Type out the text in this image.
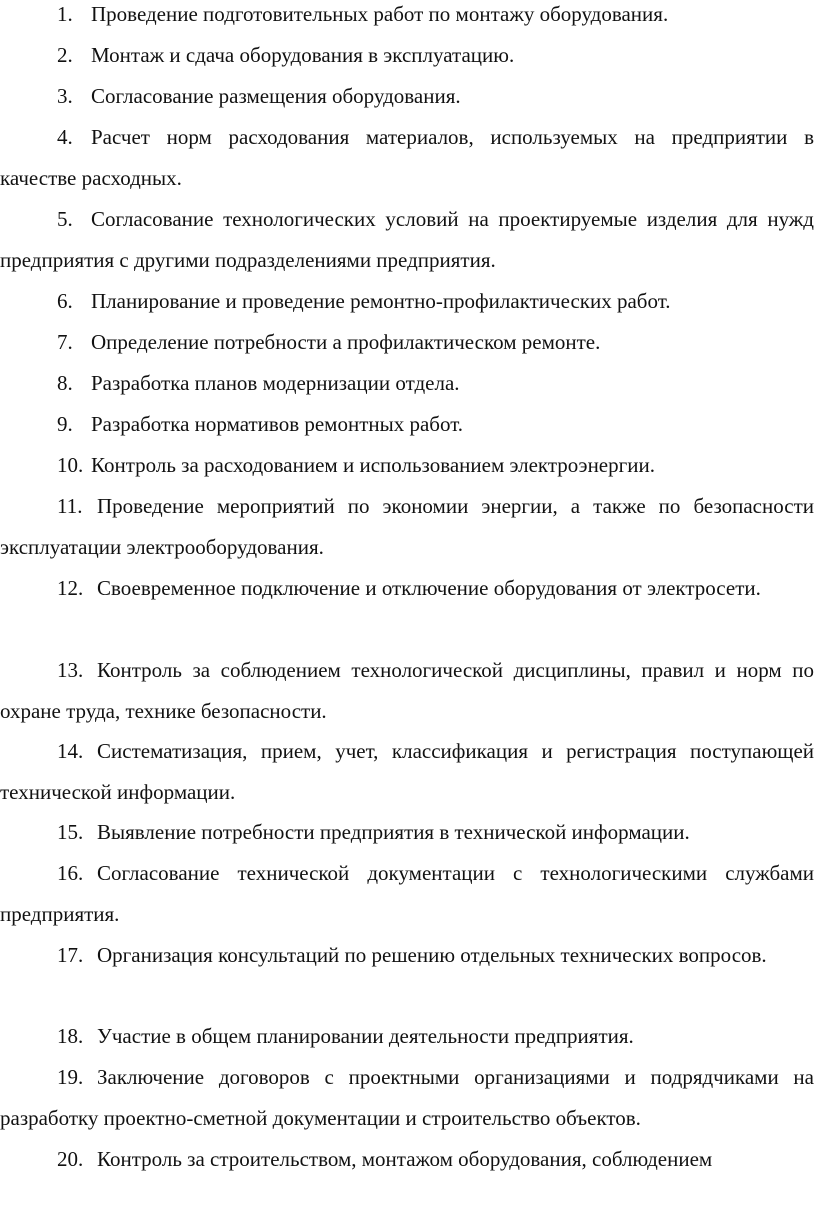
1. Проведение подготовительных работ по монтажу оборудования.
2. Монтаж и сдача оборудования в эксплуатацию.
3. Согласование размещения оборудования.
4. Расчет норм расходования материалов, используемых на предприятии в качестве расходных.
5. Согласование технологических условий на проектируемые изделия для нужд предприятия с другими подразделениями предприятия.
6. Планирование и проведение ремонтно-профилактических работ.
7. Определение потребности а профилактическом ремонте.
8. Разработка планов модернизации отдела.
9. Разработка нормативов ремонтных работ.
10. Контроль за расходованием и использованием электроэнергии.
11. Проведение мероприятий по экономии энергии, а также по безопасности эксплуатации электрооборудования.
12. Своевременное подключение и отключение оборудования от электросети.
13. Контроль за соблюдением технологической дисциплины, правил и норм по охране труда, технике безопасности.
14. Систематизация, прием, учет, классификация и регистрация поступающей технической информации.
15. Выявление потребности предприятия в технической информации.
16. Согласование технической документации с технологическими службами предприятия.
17. Организация консультаций по решению отдельных технических вопросов.
18. Участие в общем планировании деятельности предприятия.
19. Заключение договоров с проектными организациями и подрядчиками на разработку проектно-сметной документации и строительство объектов.
20. Контроль за строительством, монтажом оборудования, соблюдением
